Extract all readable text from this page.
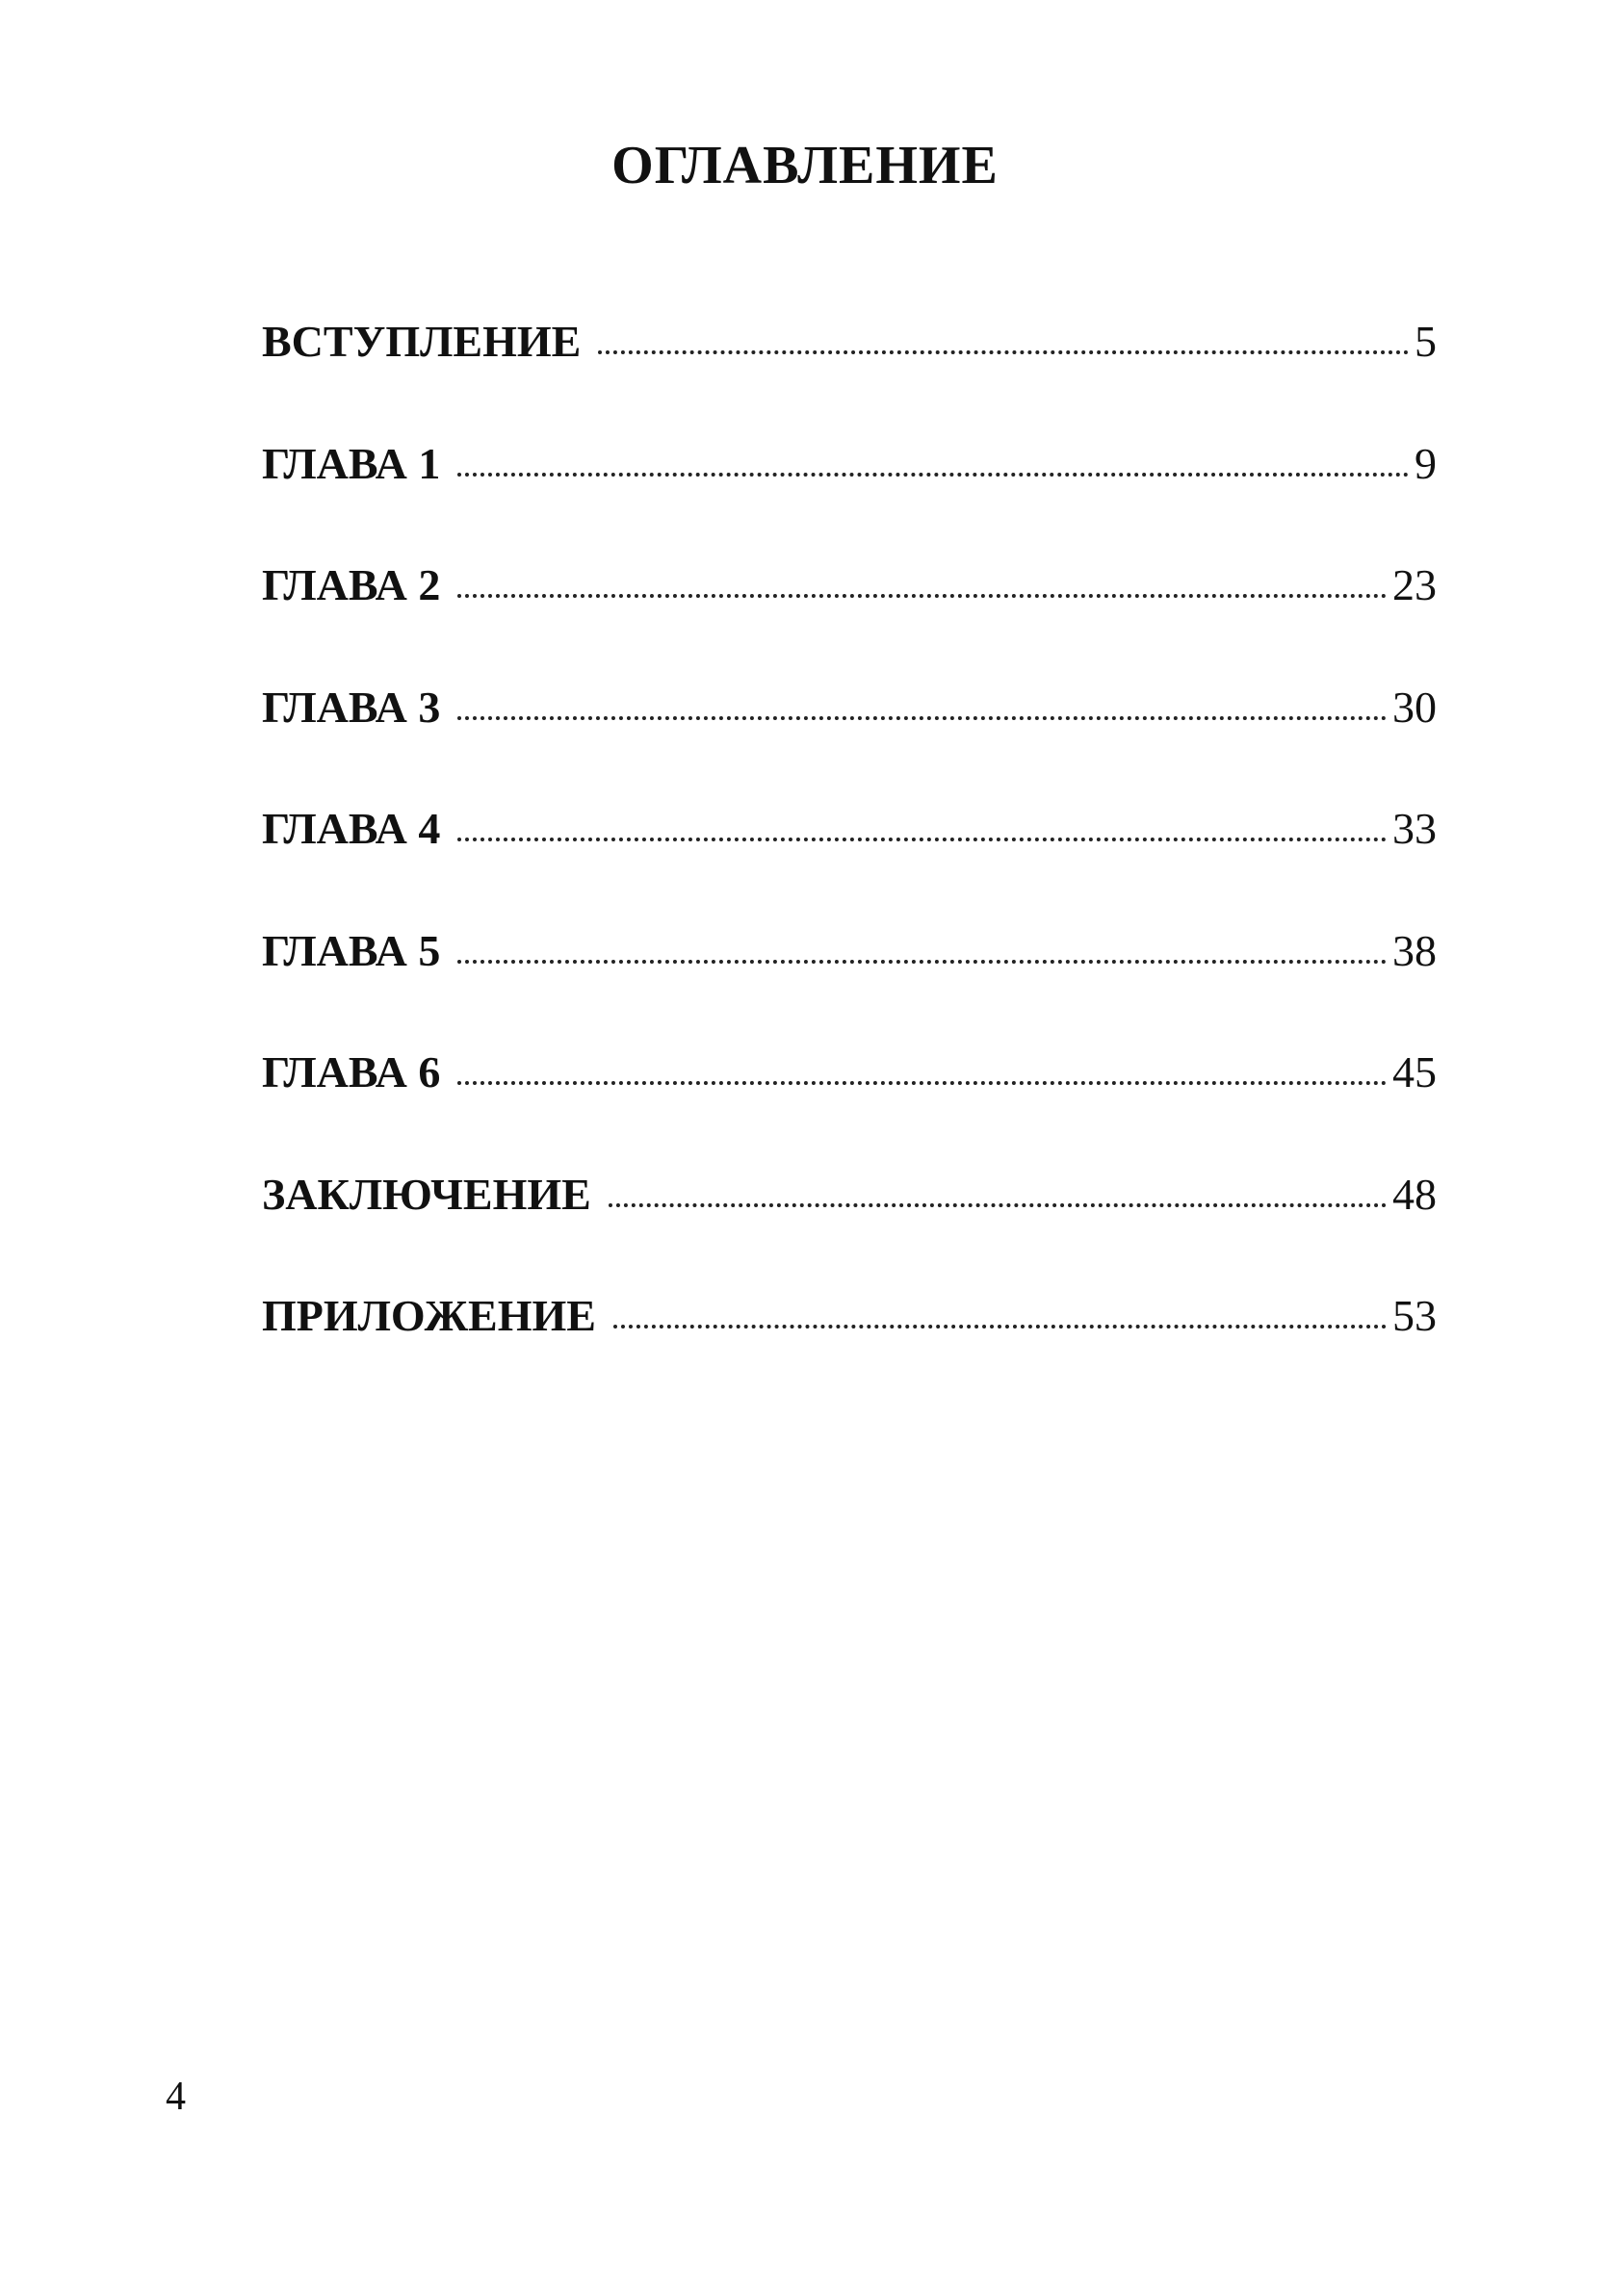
ОГЛАВЛЕНИЕ
ВСТУПЛЕНИЕ	5
ГЛАВА 1	9
ГЛАВА 2	23
ГЛАВА 3	30
ГЛАВА 4	33
ГЛАВА 5	38
ГЛАВА 6	45
ЗАКЛЮЧЕНИЕ	48
ПРИЛОЖЕНИЕ	53
4
